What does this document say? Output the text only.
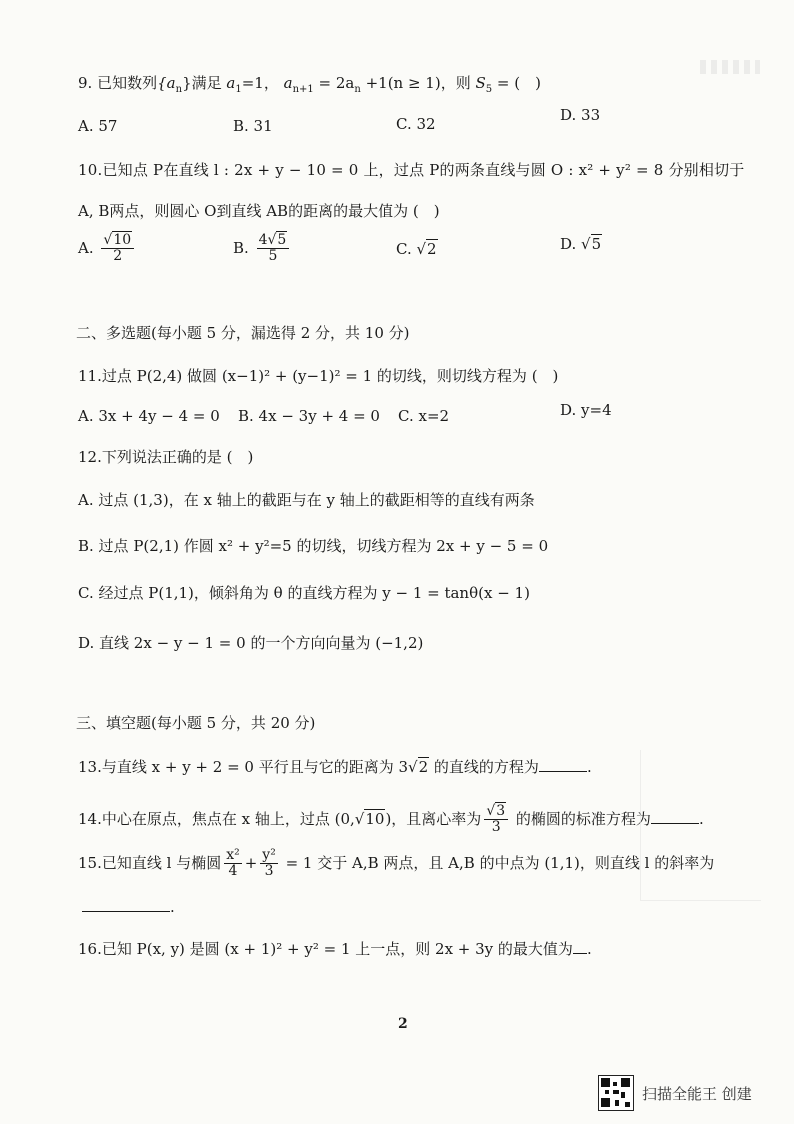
9. 已知数列$\{a_n\}$满足 $a_1=1$， $a_{n+1} = 2a_n +1(n \ge 1)$，则 $S_5$ = (　)
A. 57	B. 31	C. 32	D. 33
10.已知点 P在直线 l : 2x + y − 10 = 0 上，过点 P的两条直线与圆 O : x² + y² = 8 分别相切于
A, B两点，则圆心 O到直线 AB的距离的最大值为 (　)
A. $\frac{√10}{2}$	B. $\frac{4√5}{5}$	C. √2	D. √5
二、多选题(每小题 5 分，漏选得 2 分，共 10 分)
11.过点 P(2,4) 做圆 (x−1)² + (y−1)² = 1 的切线，则切线方程为 (　)
A. 3x + 4y − 4 = 0 B. 4x − 3y + 4 = 0 C. x=2	D. y=4
12.下列说法正确的是 (　)
A. 过点 (1,3)，在 x 轴上的截距与在 y 轴上的截距相等的直线有两条
B. 过点 P(2,1) 作圆 x² + y²=5 的切线，切线方程为 2x + y − 5 = 0
C. 经过点 P(1,1)，倾斜角为 θ 的直线方程为 y − 1 = tanθ(x − 1)
D. 直线 2x − y − 1 = 0 的一个方向向量为 (−1,2)
三、填空题(每小题 5 分，共 20 分)
13.与直线 x + y + 2 = 0 平行且与它的距离为 3√2 的直线的方程为	.
14.中心在原点，焦点在 x 轴上，过点 (0,√10)，且离心率为 $\frac{√3}{3}$ 的椭圆的标准方程为	.
15.已知直线 l 与椭圆 $\frac{\text{x²}}{4} + \frac{\text{y²}}{3} = 1$ 交于 A,B 两点，且 A,B 的中点为 (1,1)，则直线 l 的斜率为
.
16.已知 P(x, y) 是圆 (x + 1)² + y² = 1 上一点，则 2x + 3y 的最大值为 .
2
扫描全能王 创建
